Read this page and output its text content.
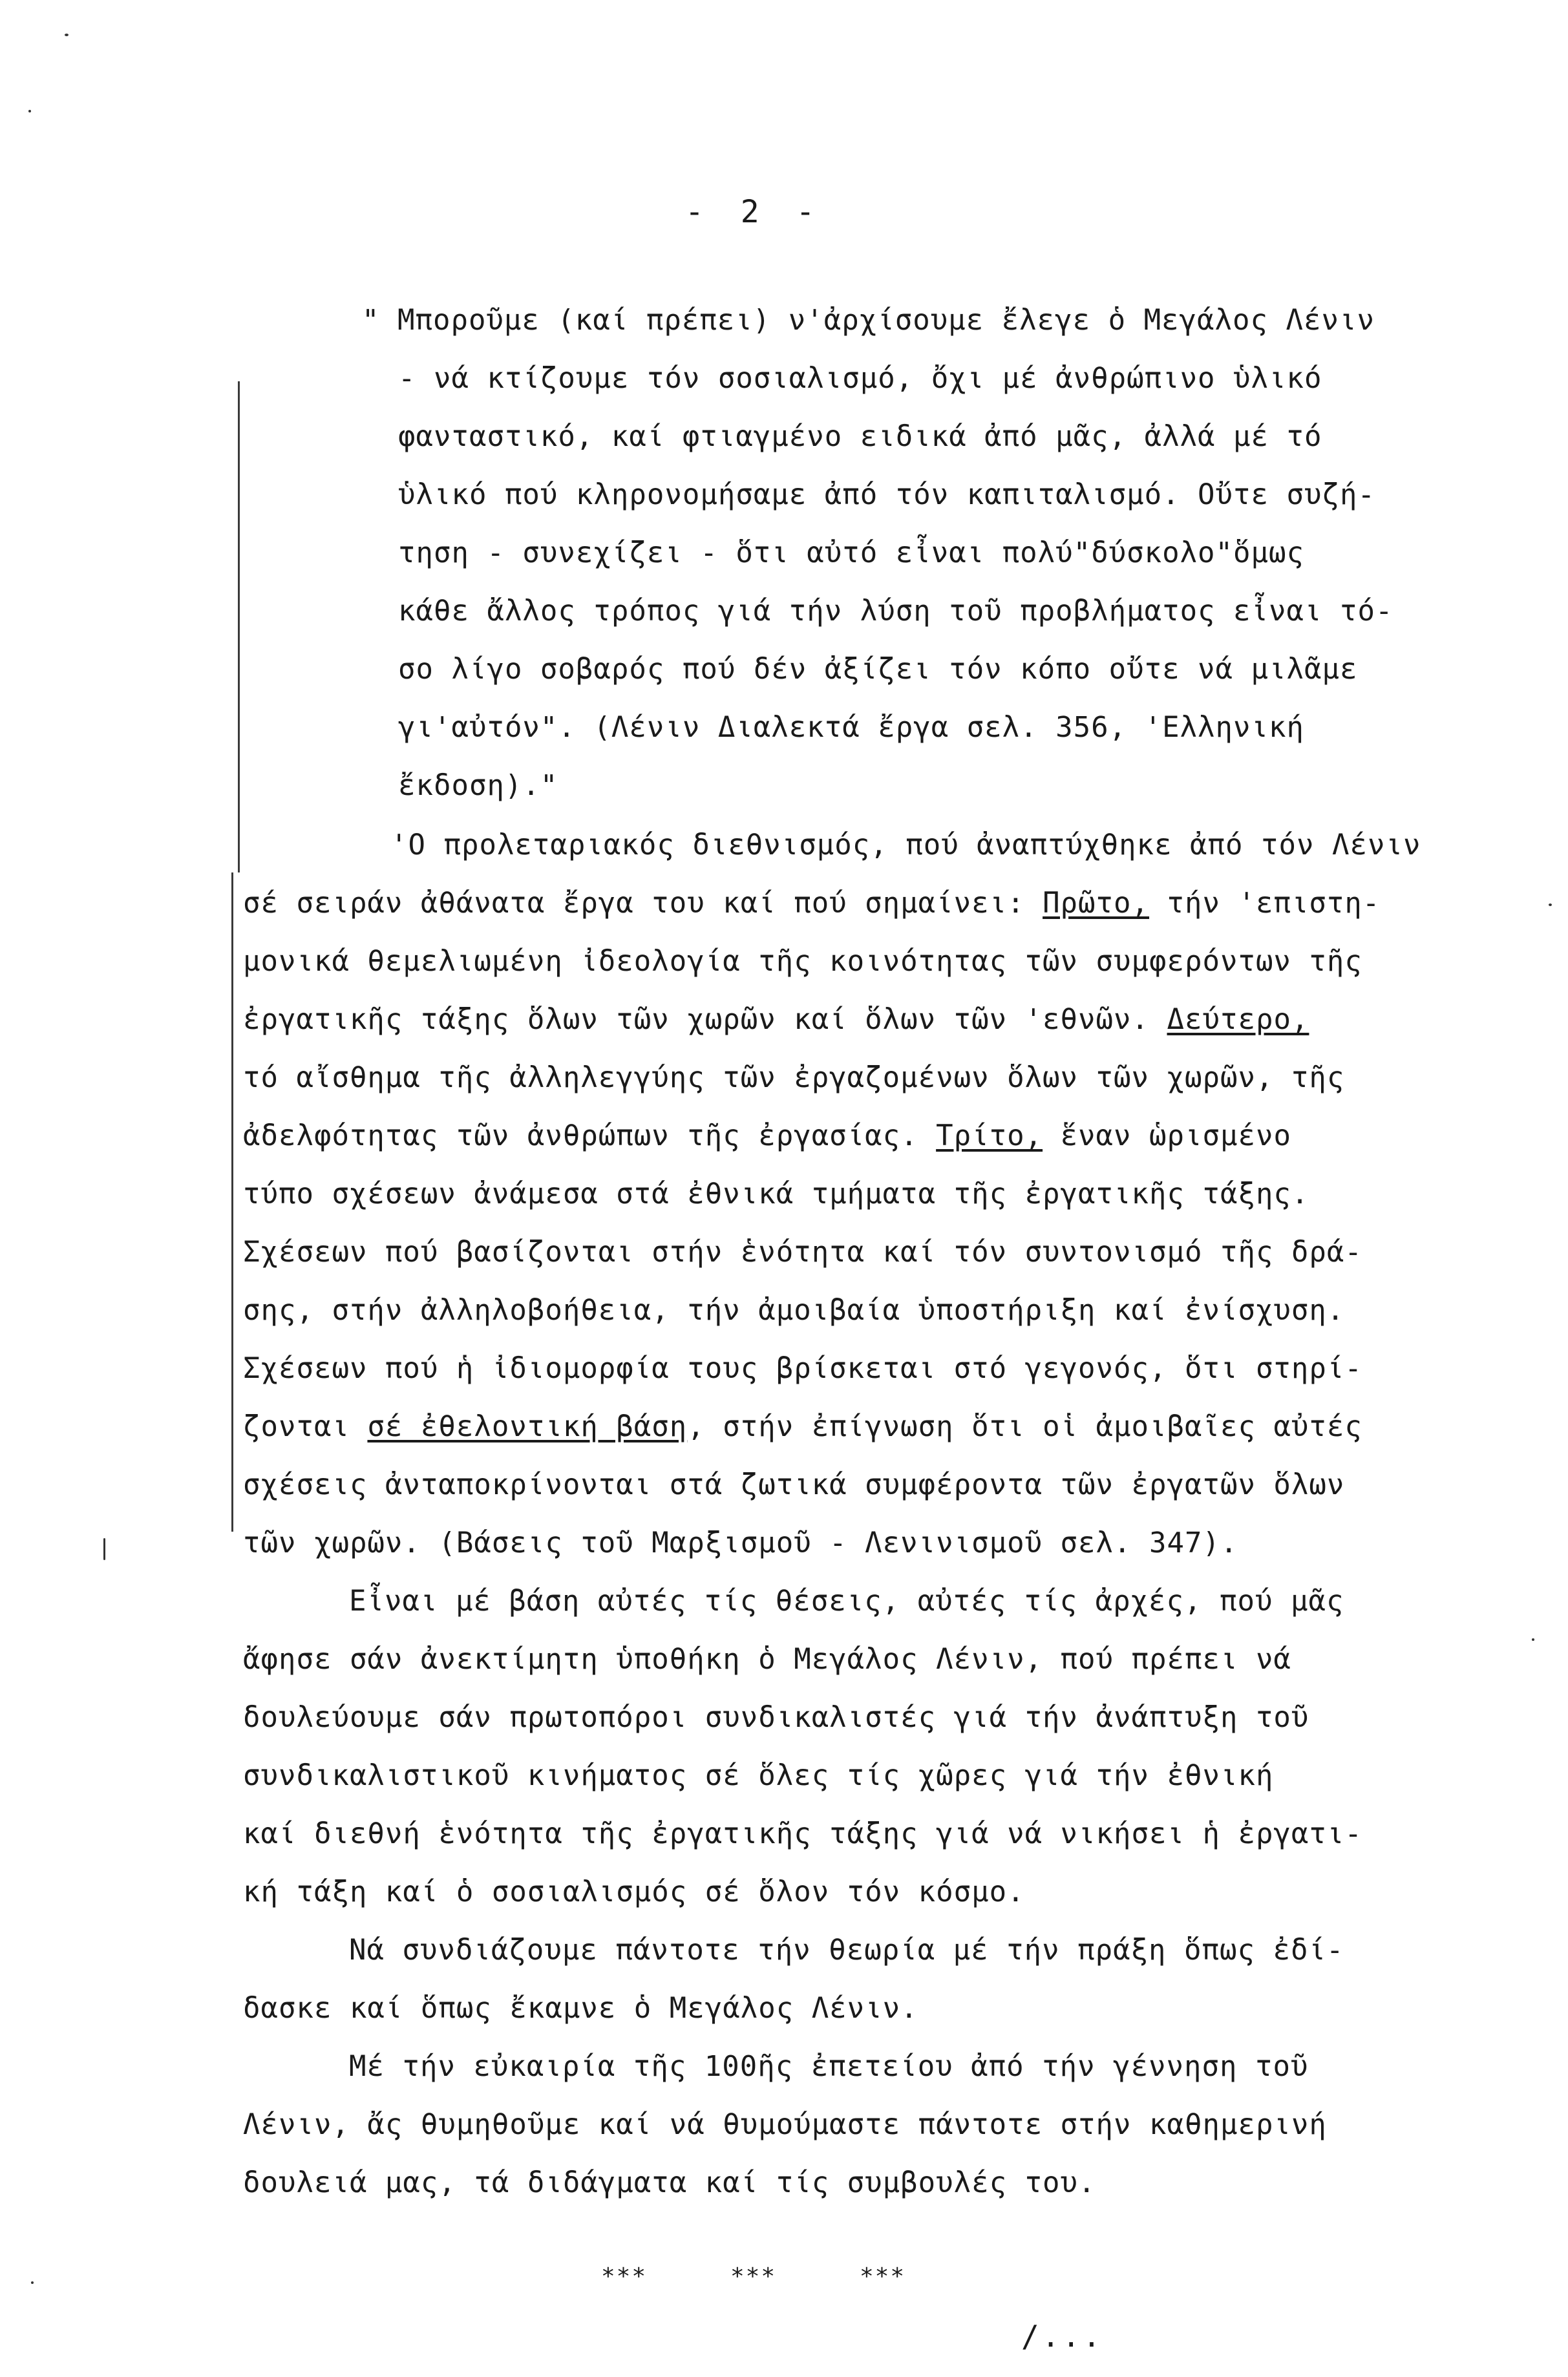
- 2 -
" Μποροῦμε (καί πρέπει) ν'ἀρχίσουμε ἔλεγε ὁ Μεγάλος Λένιν
- νά κτίζουμε τόν σοσιαλισμό, ὄχι μέ ἀνθρώπινο ὑλικό
φανταστικό, καί φτιαγμένο ειδικά ἀπό μᾶς, ἀλλά μέ τό
ὑλικό πού κληρονομήσαμε ἀπό τόν καπιταλισμό. Οὔτε συζή-
τηση - συνεχίζει - ὅτι αὐτό εἶναι πολύ"δύσκολο"ὅμως
κάθε ἄλλος τρόπος γιά τήν λύση τοῦ προβλήματος εἶναι τό-
σο λίγο σοβαρός πού δέν ἀξίζει τόν κόπο οὔτε νά μιλᾶμε
γι'αὐτόν". (Λένιν Διαλεκτά ἔργα σελ. 356, 'Ελληνική
ἔκδοση)."
'Ο προλεταριακός διεθνισμός, πού ἀναπτύχθηκε ἀπό τόν Λένιν
σέ σειράν ἀθάνατα ἔργα του καί πού σημαίνει: Πρῶτο, τήν 'επιστη-
μονικά θεμελιωμένη ἰδεολογία τῆς κοινότητας τῶν συμφερόντων τῆς
ἐργατικῆς τάξης ὅλων τῶν χωρῶν καί ὅλων τῶν 'εθνῶν. Δεύτερο,
τό αἴσθημα τῆς ἀλληλεγγύης τῶν ἐργαζομένων ὅλων τῶν χωρῶν, τῆς
ἀδελφότητας τῶν ἀνθρώπων τῆς ἐργασίας. Τρίτο, ἕναν ὡρισμένο
τύπο σχέσεων ἀνάμεσα στά ἐθνικά τμήματα τῆς ἐργατικῆς τάξης.
Σχέσεων πού βασίζονται στήν ἑνότητα καί τόν συντονισμό τῆς δρά-
σης, στήν ἀλληλοβοήθεια, τήν ἀμοιβαία ὑποστήριξη καί ἐνίσχυση.
Σχέσεων πού ἡ ἰδιομορφία τους βρίσκεται στό γεγονός, ὅτι στηρί-
ζονται σέ ἐθελοντική βάση, στήν ἐπίγνωση ὅτι οἱ ἀμοιβαῖες αὐτές
σχέσεις ἀνταποκρίνονται στά ζωτικά συμφέροντα τῶν ἐργατῶν ὅλων
τῶν χωρῶν. (Βάσεις τοῦ Μαρξισμοῦ - Λενινισμοῦ σελ. 347).
Εἶναι μέ βάση αὐτές τίς θέσεις, αὐτές τίς ἀρχές, πού μᾶς
ἄφησε σάν ἀνεκτίμητη ὑποθήκη ὁ Μεγάλος Λένιν, πού πρέπει νά
δουλεύουμε σάν πρωτοπόροι συνδικαλιστές γιά τήν ἀνάπτυξη τοῦ
συνδικαλιστικοῦ κινήματος σέ ὅλες τίς χῶρες γιά τήν ἐθνική
καί διεθνή ἑνότητα τῆς ἐργατικῆς τάξης γιά νά νικήσει ἡ ἐργατι-
κή τάξη καί ὁ σοσιαλισμός σέ ὅλον τόν κόσμο.
Νά συνδιάζουμε πάντοτε τήν θεωρία μέ τήν πράξη ὅπως ἐδί-
δασκε καί ὅπως ἔκαμνε ὁ Μεγάλος Λένιν.
Μέ τήν εὐκαιρία τῆς 100ῆς ἐπετείου ἀπό τήν γέννηση τοῦ
Λένιν, ἄς θυμηθοῦμε καί νά θυμούμαστε πάντοτε στήν καθημερινή
δουλειά μας, τά διδάγματα καί τίς συμβουλές του.
***	***	***
/...
